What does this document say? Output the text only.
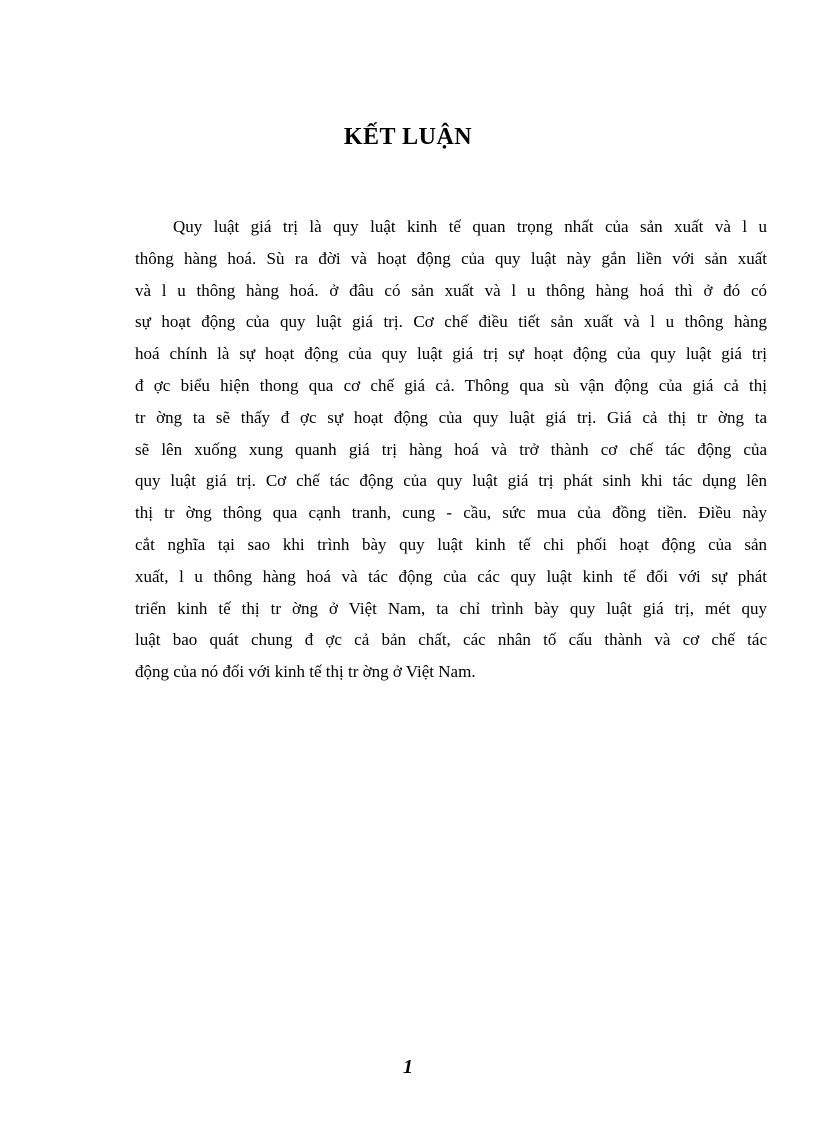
KẾT LUẬN
Quy luật giá trị là quy luật kinh tế quan trọng nhất của sản xuất và l u
thông hàng hoá. Sù ra đời và hoạt động của quy luật này gắn liền với sản xuất
và l u thông hàng hoá. ở đâu có sản xuất và l u thông hàng hoá thì ở đó có
sự hoạt động của quy luật giá trị. Cơ chế điều tiết sản xuất và l u thông hàng
hoá chính là sự hoạt động của quy luật giá trị sự hoạt động của quy luật giá trị
đ ợc biểu hiện thong qua cơ chế giá cả. Thông qua sù vận động của giá cả thị
tr ờng ta sẽ thấy đ ợc sự hoạt động của quy luật giá trị. Giá cả thị tr ờng ta
sẽ lên xuống xung quanh giá trị hàng hoá và trở thành cơ chế tác động của
quy luật giá trị. Cơ chế tác động của quy luật giá trị phát sinh khi tác dụng lên
thị tr ờng thông qua cạnh tranh, cung - cầu, sức mua của đồng tiền. Điều này
cắt nghĩa tại sao khi trình bày quy luật kinh tế chi phối hoạt động của sản
xuất, l u thông hàng hoá và tác động của các quy luật kinh tế đối với sự phát
triển kinh tế thị tr ờng ở Việt Nam, ta chỉ trình bày quy luật giá trị, mét quy
luật bao quát chung đ ợc cả bản chất, các nhân tố cấu thành và cơ chế tác
động của nó đối với kinh tế thị tr ờng ở Việt Nam.

1
